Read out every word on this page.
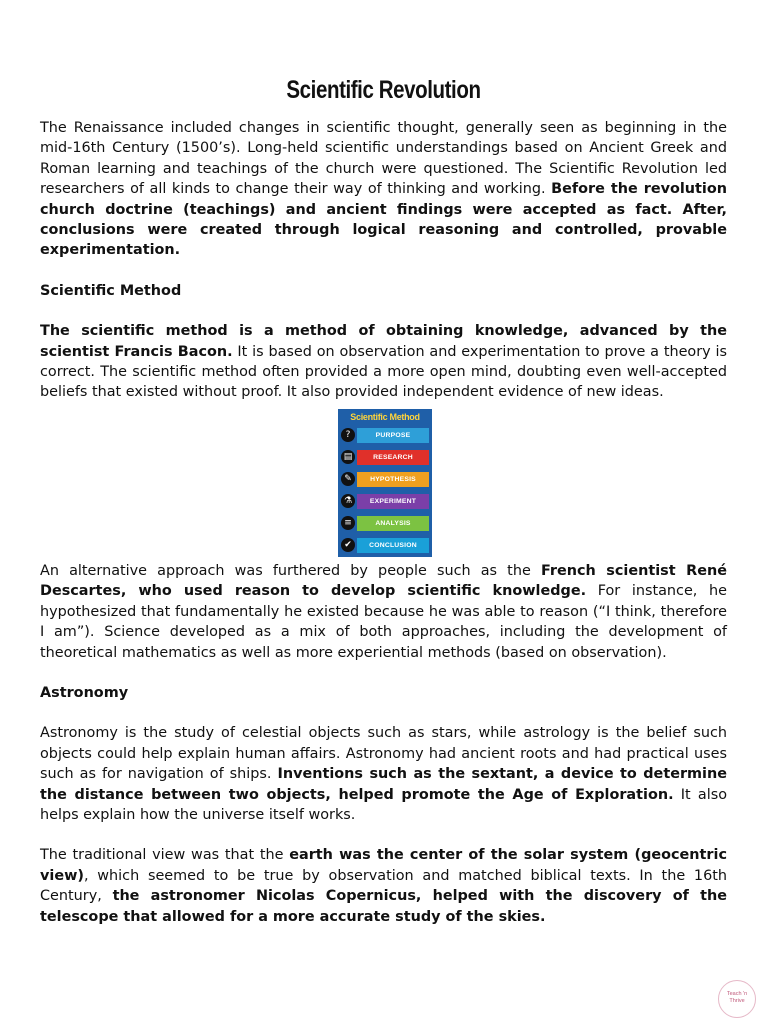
Scientific Revolution

The Renaissance included changes in scientific thought, generally seen as beginning in the mid-16th Century (1500’s). Long-held scientific understandings based on Ancient Greek and Roman learning and teachings of the church were questioned. The Scientific Revolution led researchers of all kinds to change their way of thinking and working. Before the revolution church doctrine (teachings) and ancient findings were accepted as fact. After, conclusions were created through logical reasoning and controlled, provable experimentation.

Scientific Method

The scientific method is a method of obtaining knowledge, advanced by the scientist Francis Bacon. It is based on observation and experimentation to prove a theory is correct. The scientific method often provided a more open mind, doubting even well-accepted beliefs that existed without proof. It also provided independent evidence of new ideas.

Scientific Method
?	PURPOSE
▤	RESEARCH
✎	HYPOTHESIS
⚗	EXPERIMENT
≡	ANALYSIS
✔	CONCLUSION

An alternative approach was furthered by people such as the French scientist René Descartes, who used reason to develop scientific knowledge. For instance, he hypothesized that fundamentally he existed because he was able to reason (“I think, therefore I am”). Science developed as a mix of both approaches, including the development of theoretical mathematics as well as more experiential methods (based on observation).

Astronomy

Astronomy is the study of celestial objects such as stars, while astrology is the belief such objects could help explain human affairs. Astronomy had ancient roots and had practical uses such as for navigation of ships. Inventions such as the sextant, a device to determine the distance between two objects, helped promote the Age of Exploration. It also helps explain how the universe itself works.

The traditional view was that the earth was the center of the solar system (geocentric view), which seemed to be true by observation and matched biblical texts. In the 16th Century, the astronomer Nicolas Copernicus, helped with the discovery of the telescope that allowed for a more accurate study of the skies.

Teach 'n
Thrive
